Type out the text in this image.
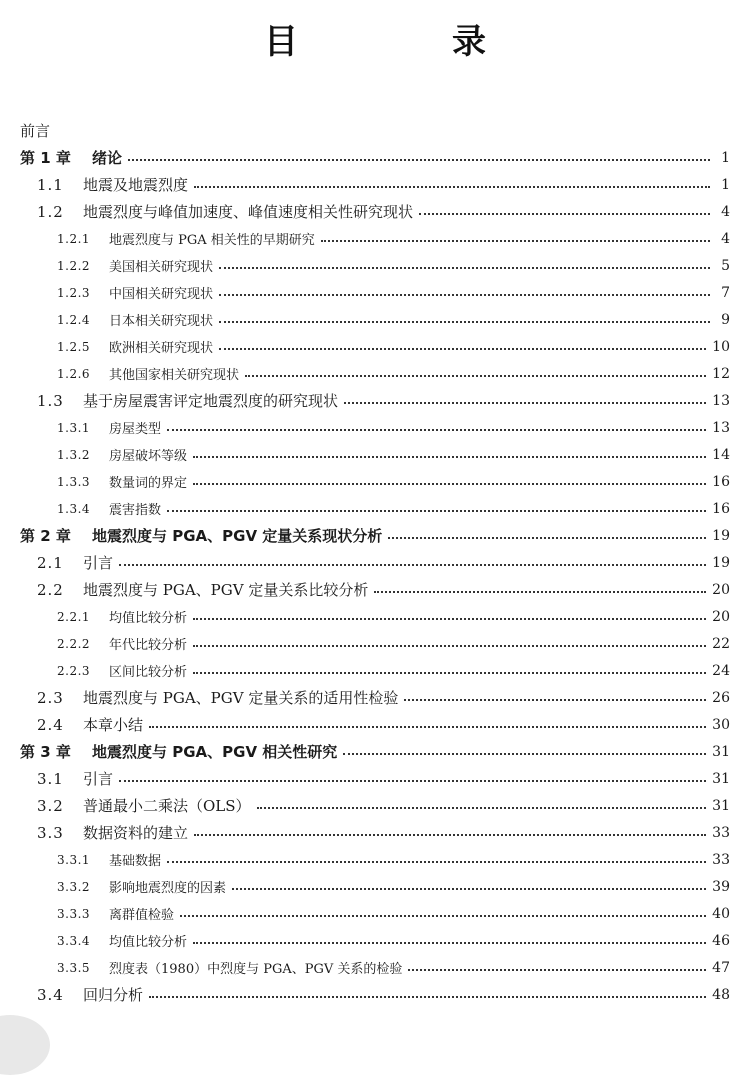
目　录
前言
第 1 章	绪论	1
1.1	地震及地震烈度	1
1.2	地震烈度与峰值加速度、峰值速度相关性研究现状	4
1.2.1	地震烈度与 PGA 相关性的早期研究	4
1.2.2	美国相关研究现状	5
1.2.3	中国相关研究现状	7
1.2.4	日本相关研究现状	9
1.2.5	欧洲相关研究现状	10
1.2.6	其他国家相关研究现状	12
1.3	基于房屋震害评定地震烈度的研究现状	13
1.3.1	房屋类型	13
1.3.2	房屋破坏等级	14
1.3.3	数量词的界定	16
1.3.4	震害指数	16
第 2 章	地震烈度与 PGA、PGV 定量关系现状分析	19
2.1	引言	19
2.2	地震烈度与 PGA、PGV 定量关系比较分析	20
2.2.1	均值比较分析	20
2.2.2	年代比较分析	22
2.2.3	区间比较分析	24
2.3	地震烈度与 PGA、PGV 定量关系的适用性检验	26
2.4	本章小结	30
第 3 章	地震烈度与 PGA、PGV 相关性研究	31
3.1	引言	31
3.2	普通最小二乘法（OLS）	31
3.3	数据资料的建立	33
3.3.1	基础数据	33
3.3.2	影响地震烈度的因素	39
3.3.3	离群值检验	40
3.3.4	均值比较分析	46
3.3.5	烈度表（1980）中烈度与 PGA、PGV 关系的检验	47
3.4	回归分析	48
